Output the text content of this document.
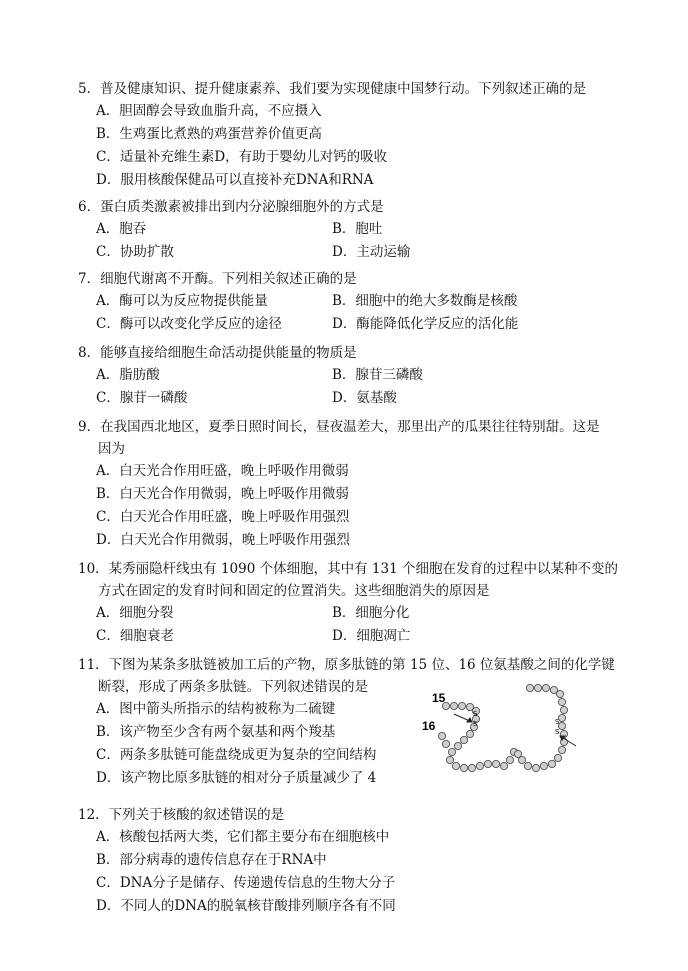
5．普及健康知识、提升健康素养、我们要为实现健康中国梦行动。下列叙述正确的是
A．胆固醇会导致血脂升高，不应摄入
B．生鸡蛋比煮熟的鸡蛋营养价值更高
C．适量补充维生素D，有助于婴幼儿对钙的吸收
D．服用核酸保健品可以直接补充DNA和RNA
6．蛋白质类激素被排出到内分泌腺细胞外的方式是
A．胞吞	B．胞吐
C．协助扩散	D．主动运输
7．细胞代谢离不开酶。下列相关叙述正确的是
A．酶可以为反应物提供能量	B．细胞中的绝大多数酶是核酸
C．酶可以改变化学反应的途径	D．酶能降低化学反应的活化能
8．能够直接给细胞生命活动提供能量的物质是
A．脂肪酸	B．腺苷三磷酸
C．腺苷一磷酸	D．氨基酸
9．在我国西北地区，夏季日照时间长，昼夜温差大，那里出产的瓜果往往特别甜。这是
因为
A．白天光合作用旺盛，晚上呼吸作用微弱
B．白天光合作用微弱，晚上呼吸作用微弱
C．白天光合作用旺盛，晚上呼吸作用强烈
D．白天光合作用微弱，晚上呼吸作用强烈
10．某秀丽隐杆线虫有 1090 个体细胞，其中有 131 个细胞在发育的过程中以某种不变的
方式在固定的发育时间和固定的位置消失。这些细胞消失的原因是
A．细胞分裂	B．细胞分化
C．细胞衰老	D．细胞凋亡
11．下图为某条多肽链被加工后的产物，原多肽链的第 15 位、16 位氨基酸之间的化学键
断裂，形成了两条多肽链。下列叙述错误的是
A．图中箭头所指示的结构被称为二硫键
B．该产物至少含有两个氨基和两个羧基
C．两条多肽链可能盘绕成更为复杂的空间结构
D．该产物比原多肽链的相对分子质量减少了 4
15
16
S
S	S
S
12．下列关于核酸的叙述错误的是
A．核酸包括两大类，它们都主要分布在细胞核中
B．部分病毒的遗传信息存在于RNA中
C．DNA分子是储存、传递遗传信息的生物大分子
D．不同人的DNA的脱氧核苷酸排列顺序各有不同
